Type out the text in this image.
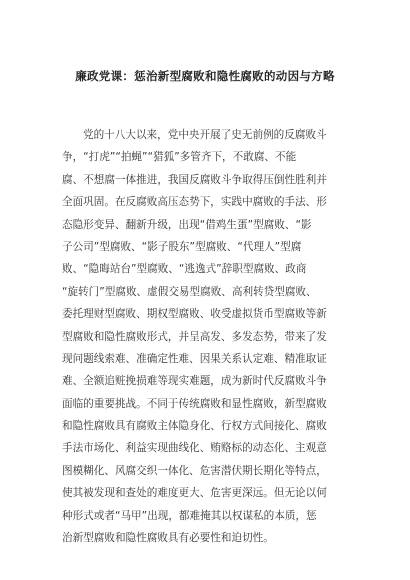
廉政党课：惩治新型腐败和隐性腐败的动因与方略
党的十八大以来，党中央开展了史无前例的反腐败斗
争，“打虎”“拍蝇”“猎狐”多管齐下，不敢腐、不能
腐、不想腐一体推进，我国反腐败斗争取得压倒性胜利并
全面巩固。在反腐败高压态势下，实践中腐败的手法、形
态隐形变异、翻新升级，出现“借鸡生蛋”型腐败、“影
子公司”型腐败、“影子股东”型腐败、“代理人”型腐
败、“隐晦站台”型腐败、“逃逸式”辞职型腐败、政商
“旋转门”型腐败、虚假交易型腐败、高利转贷型腐败、
委托理财型腐败、期权型腐败、收受虚拟货币型腐败等新
型腐败和隐性腐败形式，并呈高发、多发态势，带来了发
现问题线索难、准确定性难、因果关系认定难、精准取证
难、全额追赃挽损难等现实难题，成为新时代反腐败斗争
面临的重要挑战。不同于传统腐败和显性腐败，新型腐败
和隐性腐败具有腐败主体隐身化、行权方式间接化、腐败
手法市场化、利益实现曲线化、贿赂标的动态化、主观意
图模糊化、风腐交织一体化、危害潜伏期长期化等特点，
使其被发现和查处的难度更大、危害更深远。但无论以何
种形式或者“马甲”出现，都难掩其以权谋私的本质，惩
治新型腐败和隐性腐败具有必要性和迫切性。
